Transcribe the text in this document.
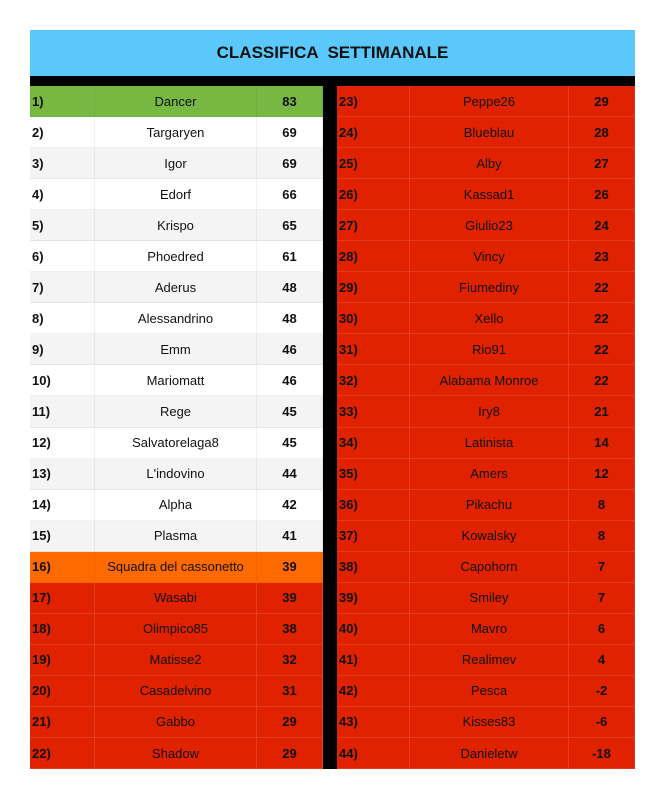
CLASSIFICA  SETTIMANALE
1)	Dancer	83
2)	Targaryen	69
3)	Igor	69
4)	Edorf	66
5)	Krispo	65
6)	Phoedred	61
7)	Aderus	48
8)	Alessandrino	48
9)	Emm	46
10)	Mariomatt	46
11)	Rege	45
12)	Salvatorelaga8	45
13)	L'indovino	44
14)	Alpha	42
15)	Plasma	41
16)	Squadra del cassonetto	39
17)	Wasabi	39
18)	Olimpico85	38
19)	Matisse2	32
20)	Casadelvino	31
21)	Gabbo	29
22)	Shadow	29
23)	Peppe26	29
24)	Blueblau	28
25)	Alby	27
26)	Kassad1	26
27)	Giulio23	24
28)	Vincy	23
29)	Fiumediny	22
30)	Xello	22
31)	Rio91	22
32)	Alabama Monroe	22
33)	Iry8	21
34)	Latinista	14
35)	Amers	12
36)	Pikachu	8
37)	Kowalsky	8
38)	Capohorn	7
39)	Smiley	7
40)	Mavro	6
41)	Realimev	4
42)	Pesca	-2
43)	Kisses83	-6
44)	Danieletw	-18
